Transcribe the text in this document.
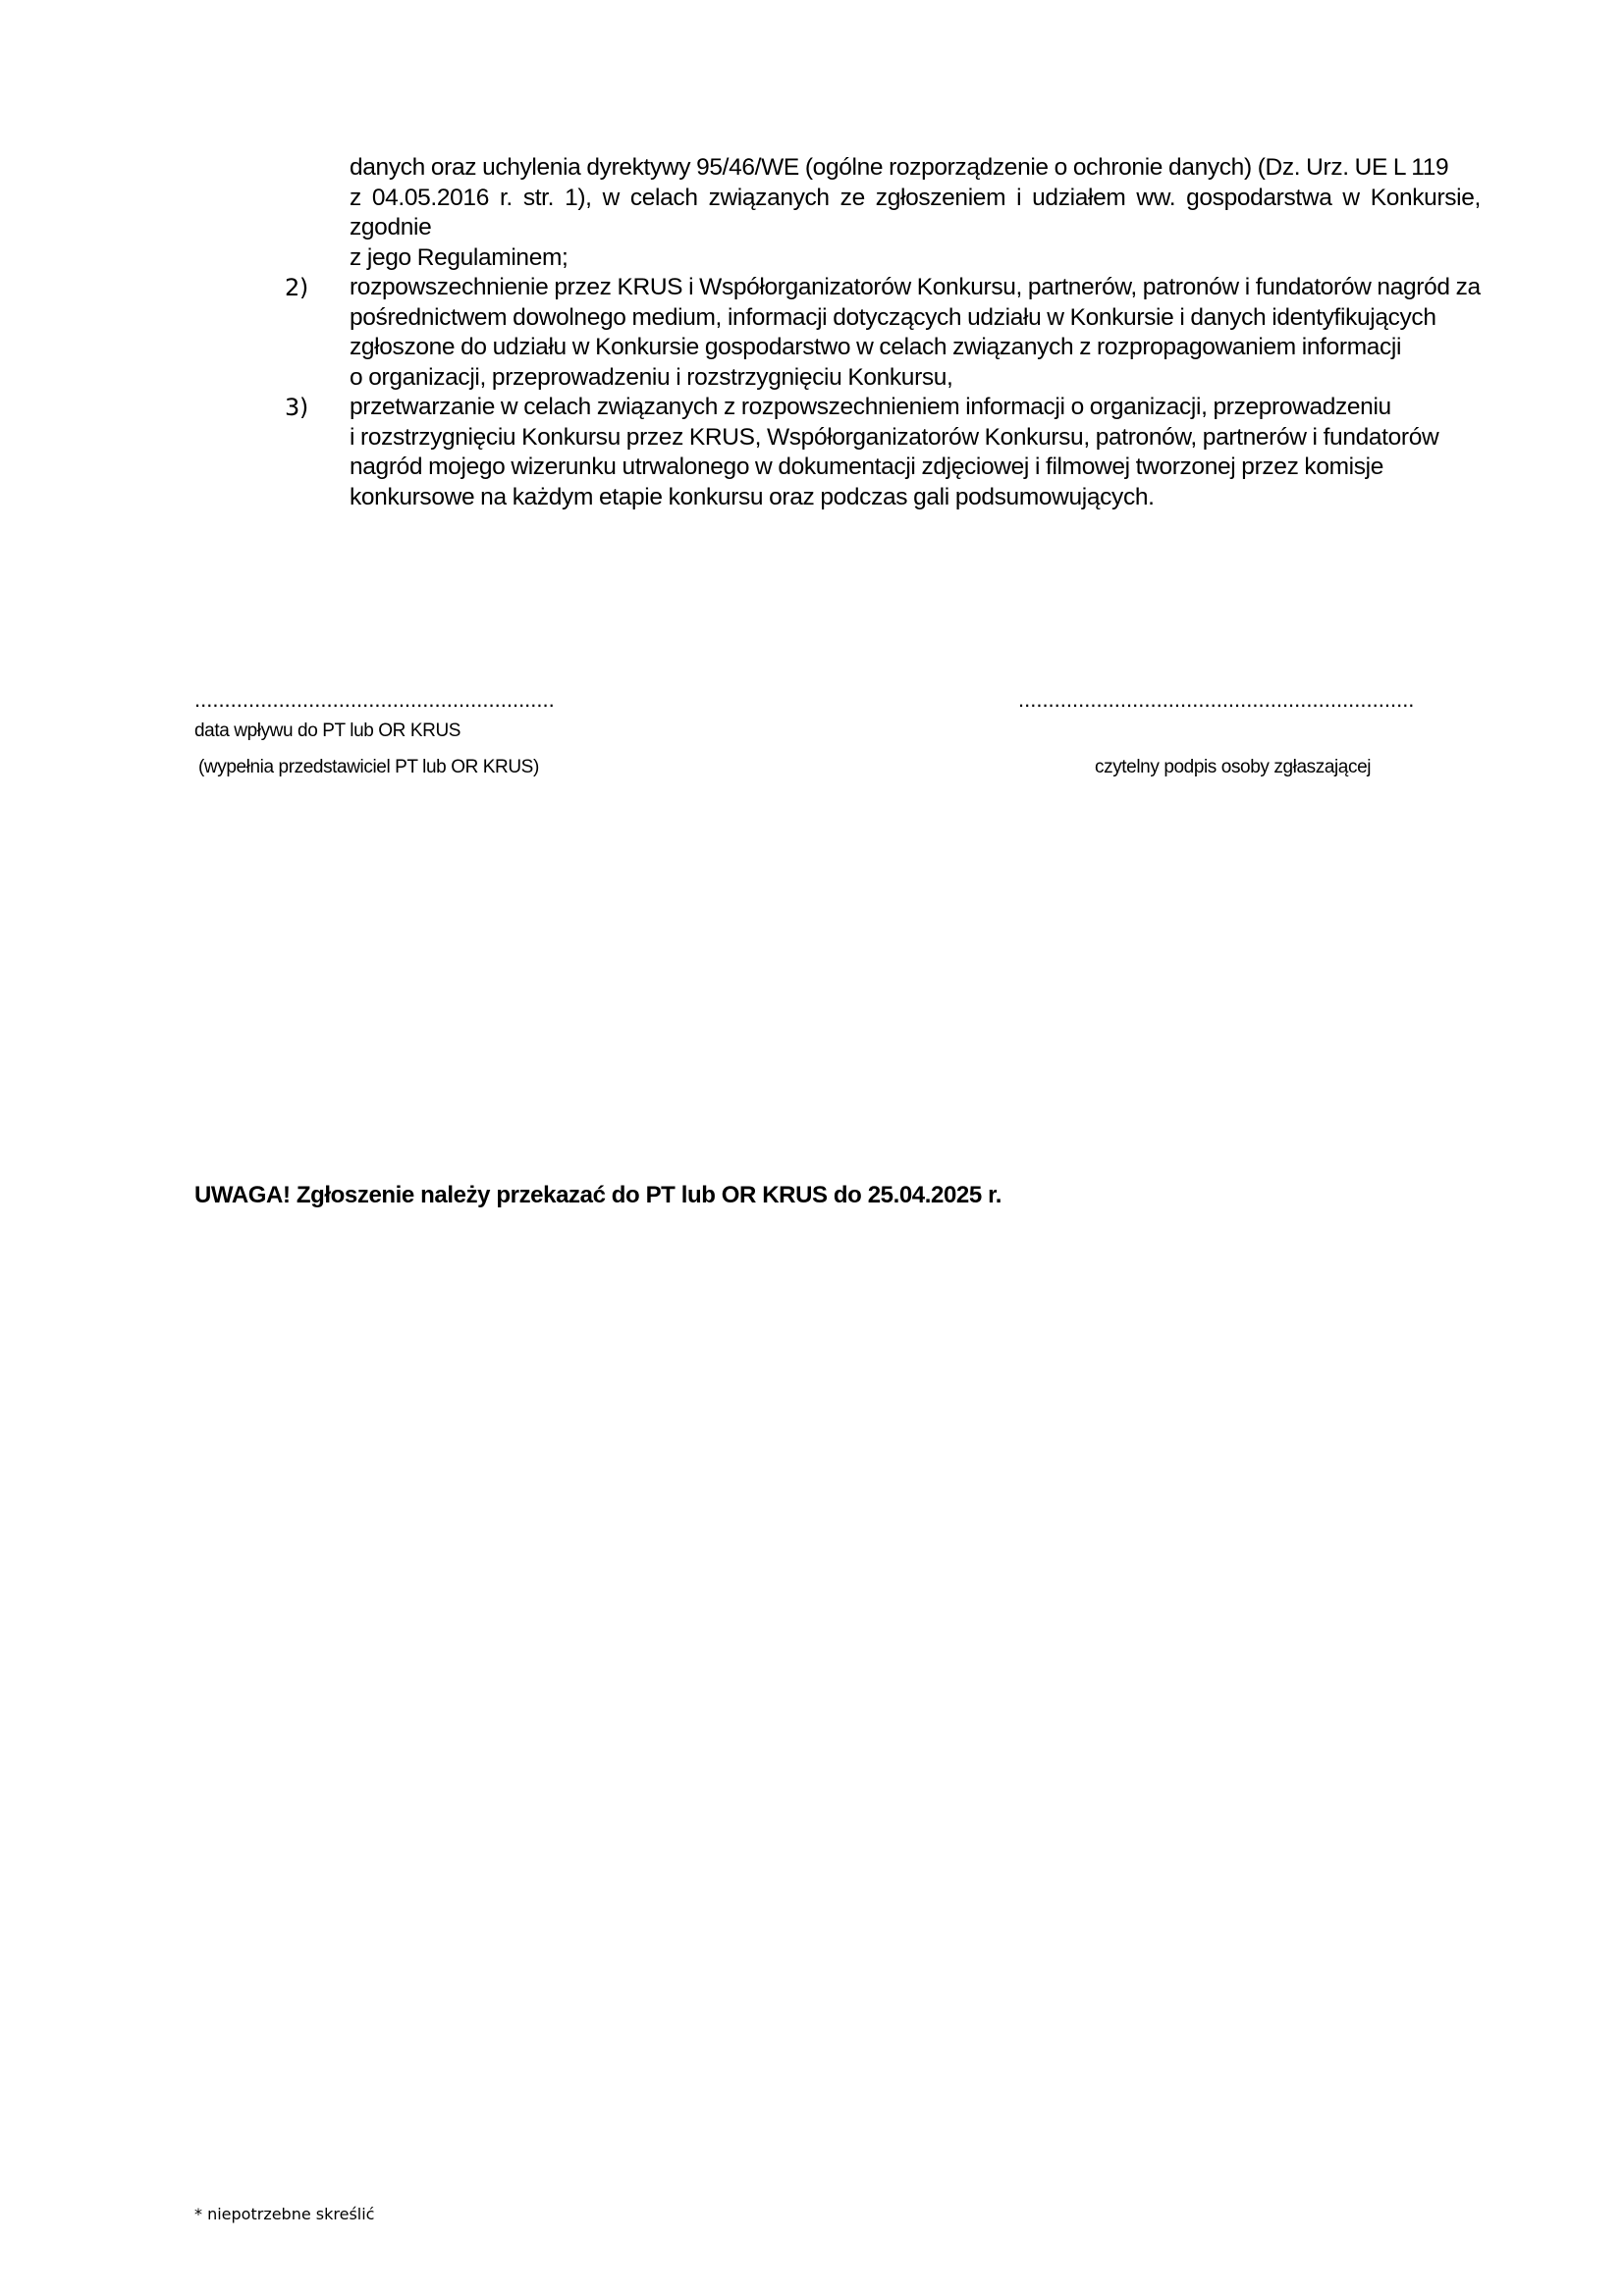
danych oraz uchylenia dyrektywy 95/46/WE (ogólne rozporządzenie o ochronie danych) (Dz. Urz. UE L 119
z 04.05.2016 r. str. 1), w celach związanych ze zgłoszeniem i udziałem ww. gospodarstwa w Konkursie, zgodnie
z jego Regulaminem;
2) rozpowszechnienie przez KRUS i Współorganizatorów Konkursu, partnerów, patronów i fundatorów nagród za
pośrednictwem dowolnego medium, informacji dotyczących udziału w Konkursie i danych identyfikujących
zgłoszone do udziału w Konkursie gospodarstwo w celach związanych z rozpropagowaniem informacji
o organizacji, przeprowadzeniu i rozstrzygnięciu Konkursu,
3) przetwarzanie w celach związanych z rozpowszechnieniem informacji o organizacji, przeprowadzeniu
i rozstrzygnięciu Konkursu przez KRUS, Współorganizatorów Konkursu, patronów, partnerów i fundatorów
nagród mojego wizerunku utrwalonego w dokumentacji zdjęciowej i filmowej tworzonej przez komisje
konkursowe na każdym etapie konkursu oraz podczas gali podsumowujących.
............................................................
data wpływu do PT lub OR KRUS
(wypełnia przedstawiciel PT lub OR KRUS)
..................................................................
czytelny podpis osoby zgłaszającej
UWAGA! Zgłoszenie należy przekazać do PT lub OR KRUS do 25.04.2025 r.
* niepotrzebne skreślić
